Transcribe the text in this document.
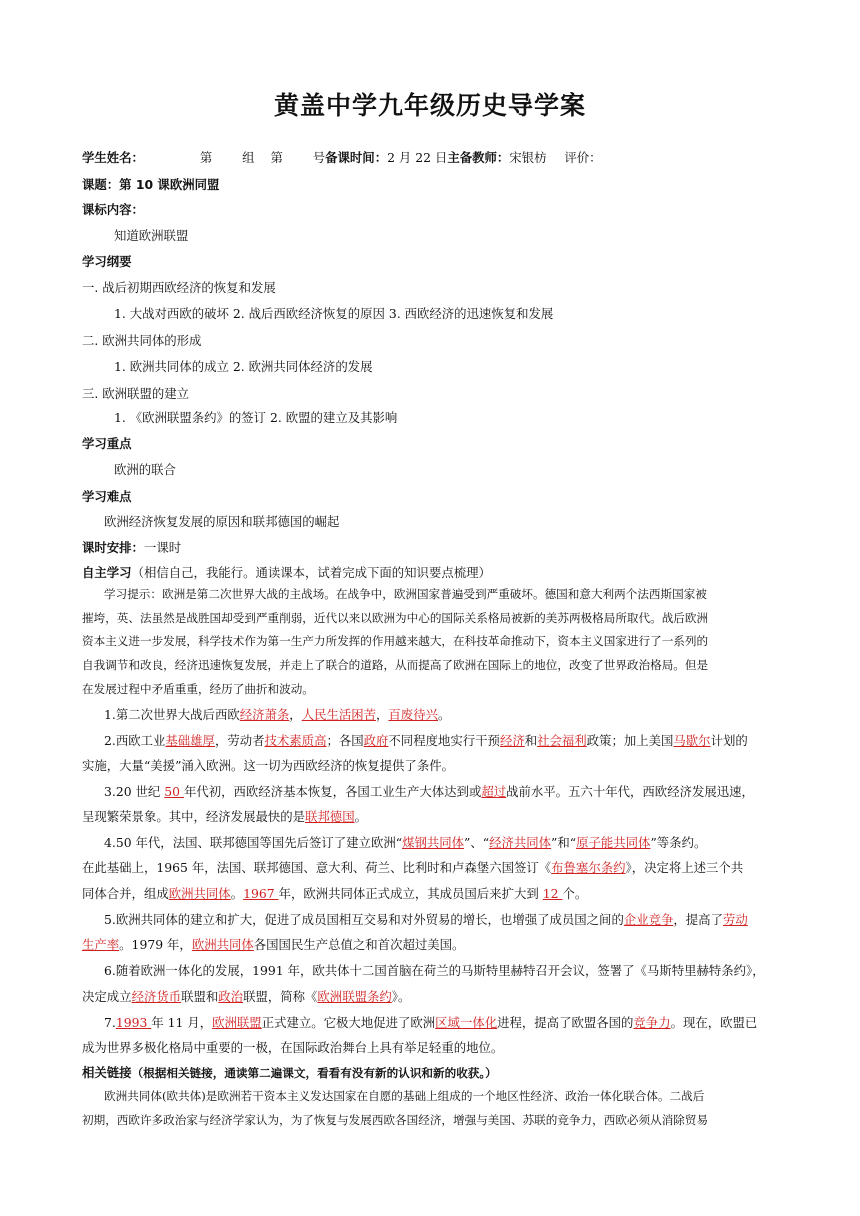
黄盖中学九年级历史导学案
学生姓名：	第 组 第 号备课时间：2 月 22 日主备教师：宋银枋 评价：
课题：第 10 课欧洲同盟
课标内容：
知道欧洲联盟
学习纲要
一. 战后初期西欧经济的恢复和发展
1. 大战对西欧的破坏 2. 战后西欧经济恢复的原因 3. 西欧经济的迅速恢复和发展
二. 欧洲共同体的形成
1. 欧洲共同体的成立 2. 欧洲共同体经济的发展
三. 欧洲联盟的建立
1. 《欧洲联盟条约》的签订 2. 欧盟的建立及其影响
学习重点
欧洲的联合
学习难点
欧洲经济恢复发展的原因和联邦德国的崛起
课时安排：一课时
自主学习（相信自己，我能行。通读课本，试着完成下面的知识要点梳理）
学习提示：欧洲是第二次世界大战的主战场。在战争中，欧洲国家普遍受到严重破坏。德国和意大利两个法西斯国家被
摧垮，英、法虽然是战胜国却受到严重削弱，近代以来以欧洲为中心的国际关系格局被新的美苏两极格局所取代。战后欧洲
资本主义进一步发展，科学技术作为第一生产力所发挥的作用越来越大，在科技革命推动下，资本主义国家进行了一系列的
自我调节和改良，经济迅速恢复发展，并走上了联合的道路，从而提高了欧洲在国际上的地位，改变了世界政治格局。但是
在发展过程中矛盾重重，经历了曲折和波动。
1.第二次世界大战后西欧经济萧条，人民生活困苦，百废待兴。
2.西欧工业基础雄厚，劳动者技术素质高；各国政府不同程度地实行干预经济和社会福利政策；加上美国马歇尔计划的
实施，大量“美援”涌入欧洲。这一切为西欧经济的恢复提供了条件。
3.20 世纪 50 年代初，西欧经济基本恢复，各国工业生产大体达到或超过战前水平。五六十年代，西欧经济发展迅速，
呈现繁荣景象。其中，经济发展最快的是联邦德国。
4.50 年代，法国、联邦德国等国先后签订了建立欧洲“煤钢共同体”、“经济共同体”和“原子能共同体”等条约。
在此基础上，1965 年，法国、联邦德国、意大利、荷兰、比利时和卢森堡六国签订《布鲁塞尔条约》，决定将上述三个共
同体合并，组成欧洲共同体。1967 年，欧洲共同体正式成立，其成员国后来扩大到 12 个。
5.欧洲共同体的建立和扩大，促进了成员国相互交易和对外贸易的增长，也增强了成员国之间的企业竞争，提高了劳动
生产率。1979 年，欧洲共同体各国国民生产总值之和首次超过美国。
6.随着欧洲一体化的发展，1991 年，欧共体十二国首脑在荷兰的马斯特里赫特召开会议，签署了《马斯特里赫特条约》，
决定成立经济货币联盟和政治联盟，简称《欧洲联盟条约》。
7.1993 年 11 月，欧洲联盟正式建立。它极大地促进了欧洲区域一体化进程，提高了欧盟各国的竞争力。现在，欧盟已
成为世界多极化格局中重要的一极，在国际政治舞台上具有举足轻重的地位。
相关链接（根据相关链接，通读第二遍课文，看看有没有新的认识和新的收获。）
欧洲共同体(欧共体)是欧洲若干资本主义发达国家在自愿的基础上组成的一个地区性经济、政治一体化联合体。二战后
初期，西欧许多政治家与经济学家认为，为了恢复与发展西欧各国经济，增强与美国、苏联的竞争力，西欧必须从消除贸易
